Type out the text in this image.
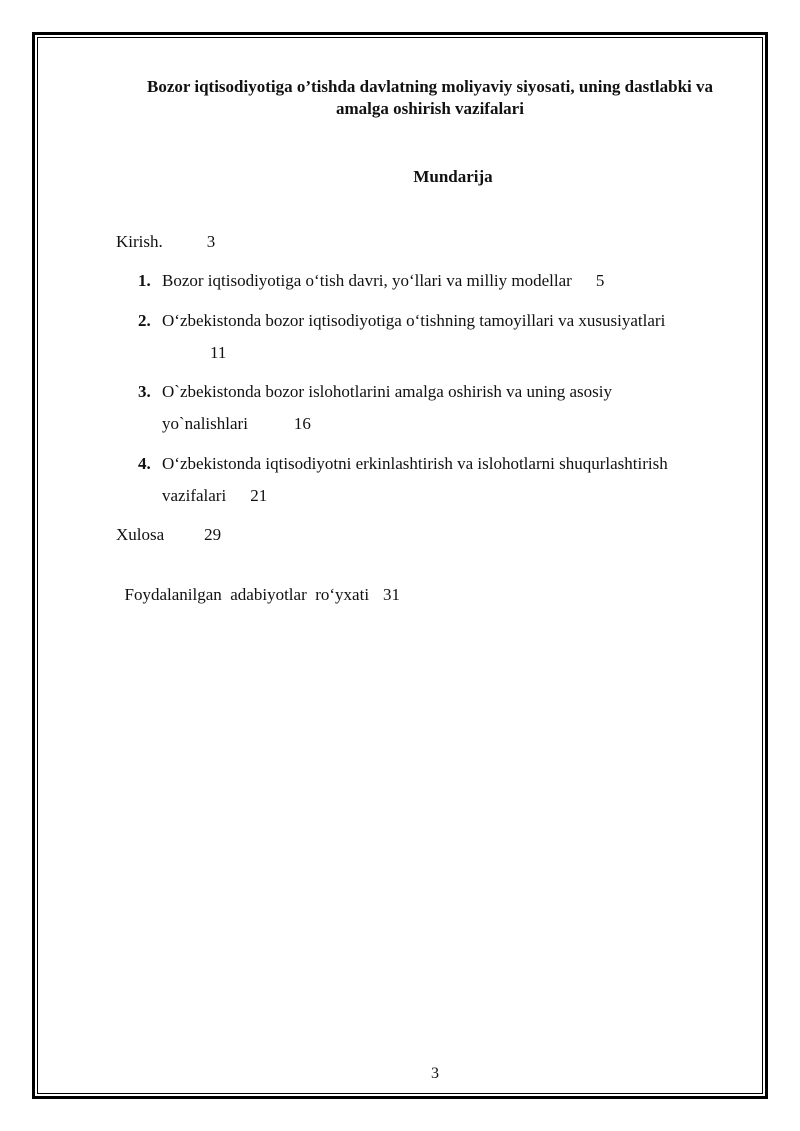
Bozor iqtisodiyotiga o’tishda davlatning moliyaviy siyosati, uning dastlabki va
amalga oshirish vazifalari
Mundarija
Kirish.	3
1. Bozor iqtisodiyotiga o‘tish davri, yo‘llari va milliy modellar 5
2. O‘zbekistonda bozor iqtisodiyotiga o‘tishning tamoyillari va xususiyatlari
11
3. O`zbekistonda bozor islohotlarini amalga oshirish va uning asosiy
yo`nalishlari	16
4. O‘zbekistonda iqtisodiyotni erkinlashtirish va islohotlarni shuqurlashtirish
vazifalari 21
Xulosa 29

Foydalanilgan  adabiyotlar  ro‘yxati 31

3
